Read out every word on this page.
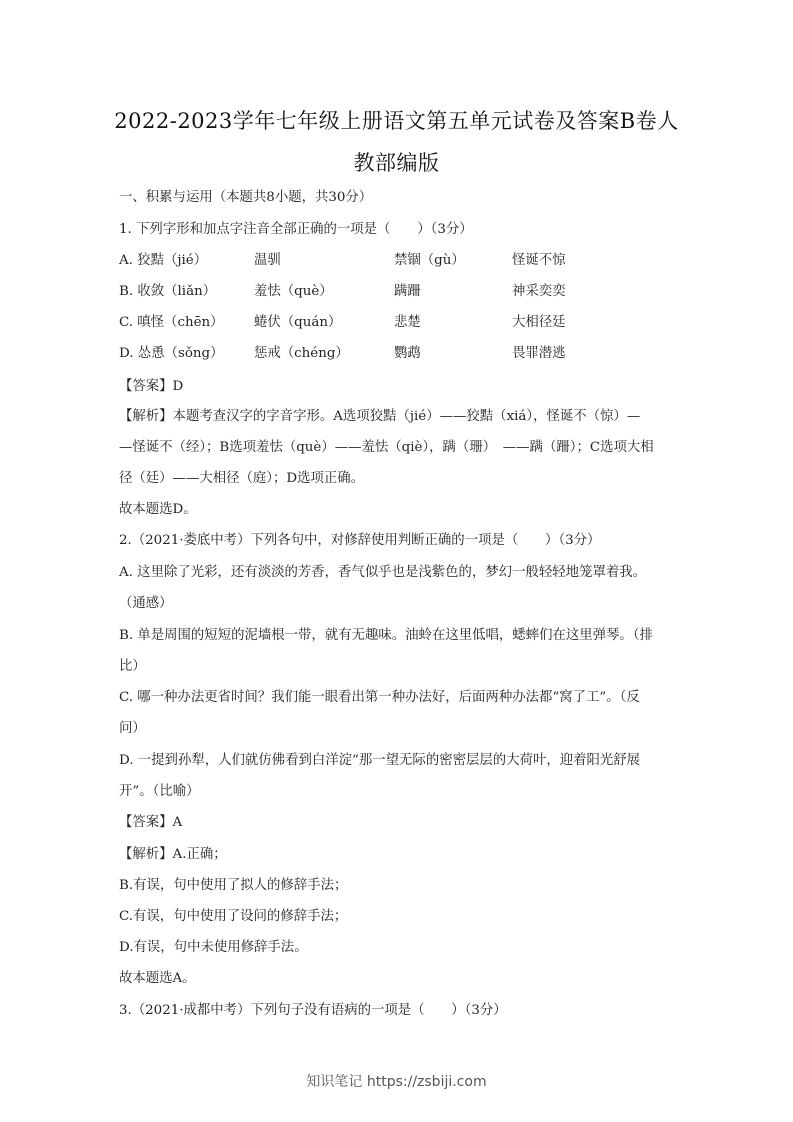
2022-2023学年七年级上册语文第五单元试卷及答案B卷人
教部编版
一、积累与运用（本题共8小题，共30分）
1. 下列字形和加点字注音全部正确的一项是（　　）（3分）
A. 狡黠（jié）	温驯	禁锢（gù）	怪诞不惊
B. 收敛（liǎn）	羞怯（què）	蹒跚	神采奕奕
C. 嗔怪（chēn） 蜷伏（quán）	悲楚	大相径廷
D. 怂恿（sǒng） 惩戒（chéng）	鹦鹉	畏罪潜逃
【答案】D
【解析】本题考查汉字的字音字形。A选项狡黠（jié）——狡黠（xiá），怪诞不（惊）—
—怪诞不（经）；B选项羞怯（què）——羞怯（qiè），蹒（珊）　——蹒（跚）；C选项大相
径（廷）——大相径（庭）；D选项正确。
故本题选D。
2.（2021·娄底中考）下列各句中，对修辞使用判断正确的一项是（　　）（3分）
A. 这里除了光彩，还有淡淡的芳香，香气似乎也是浅紫色的，梦幻一般轻轻地笼罩着我。
（通感）
B. 单是周围的短短的泥墙根一带，就有无趣味。油蛉在这里低唱，蟋蟀们在这里弹琴。（排
比）
C. 哪一种办法更省时间？我们能一眼看出第一种办法好，后面两种办法都“窝了工”。（反
问）
D. 一提到孙犁，人们就仿佛看到白洋淀“那一望无际的密密层层的大荷叶，迎着阳光舒展
开”。（比喻）
【答案】A
【解析】A.正确；
B.有误，句中使用了拟人的修辞手法；
C.有误，句中使用了设问的修辞手法；
D.有误，句中未使用修辞手法。
故本题选A。
3.（2021·成都中考）下列句子没有语病的一项是（　　）（3分）
知识笔记 https://zsbiji.com
